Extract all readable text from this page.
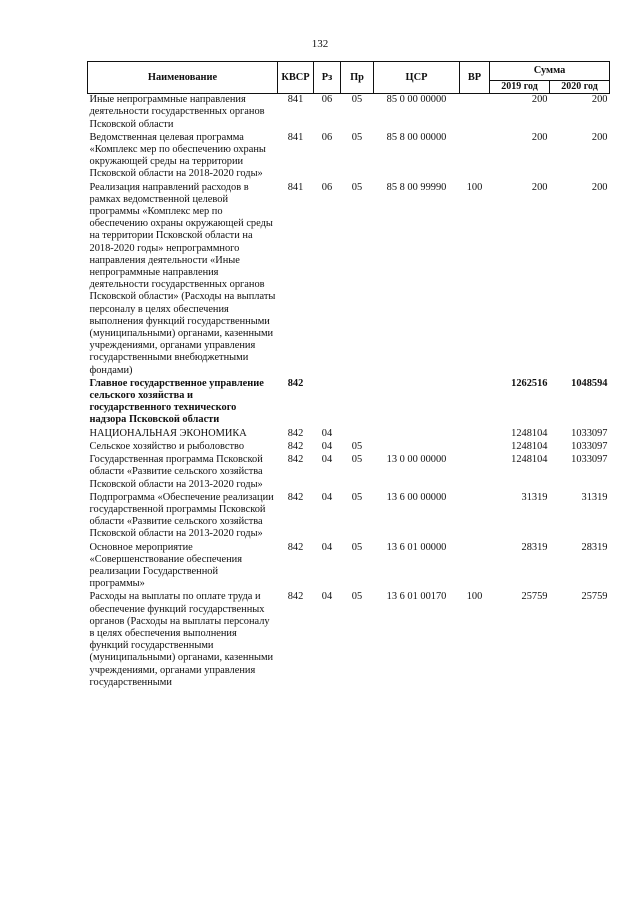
132
Наименование	КВСР	Рз	Пр	ЦСР	ВР	Сумма	
						2019 год	2020 год
Иные непрограммные направления деятельности государственных органов Псковской области	841	06	05	85 0 00 00000		200	200
Ведомственная целевая программа «Комплекс мер по обеспечению охраны окружающей среды на территории Псковской области на 2018-2020 годы»	841	06	05	85 8 00 00000		200	200
Реализация направлений расходов в рамках ведомственной целевой программы «Комплекс мер по обеспечению охраны окружающей среды на территории Псковской области на 2018-2020 годы» непрограммного направления деятельности «Иные непрограммные направления деятельности государственных органов Псковской области» (Расходы на выплаты персоналу в целях обеспечения выполнения функций государственными (муниципальными) органами, казенными учреждениями, органами управления государственными внебюджетными фондами)	841	06	05	85 8 00 99990	100	200	200
Главное государственное управление сельского хозяйства и государственного технического надзора Псковской области	842					1262516	1048594
НАЦИОНАЛЬНАЯ ЭКОНОМИКА	842	04				1248104	1033097
Сельское хозяйство и рыболовство	842	04	05			1248104	1033097
Государственная программа Псковской области «Развитие сельского хозяйства Псковской области на 2013-2020 годы»	842	04	05	13 0 00 00000		1248104	1033097
Подпрограмма «Обеспечение реализации государственной программы Псковской области «Развитие сельского хозяйства Псковской области на 2013-2020 годы»	842	04	05	13 6 00 00000		31319	31319
Основное мероприятие «Совершенствование обеспечения реализации Государственной программы»	842	04	05	13 6 01 00000		28319	28319
Расходы на выплаты по оплате труда и обеспечение функций государственных органов (Расходы на выплаты персоналу в целях обеспечения выполнения функций государственными (муниципальными) органами, казенными учреждениями, органами управления государственными	842	04	05	13 6 01 00170	100	25759	25759
